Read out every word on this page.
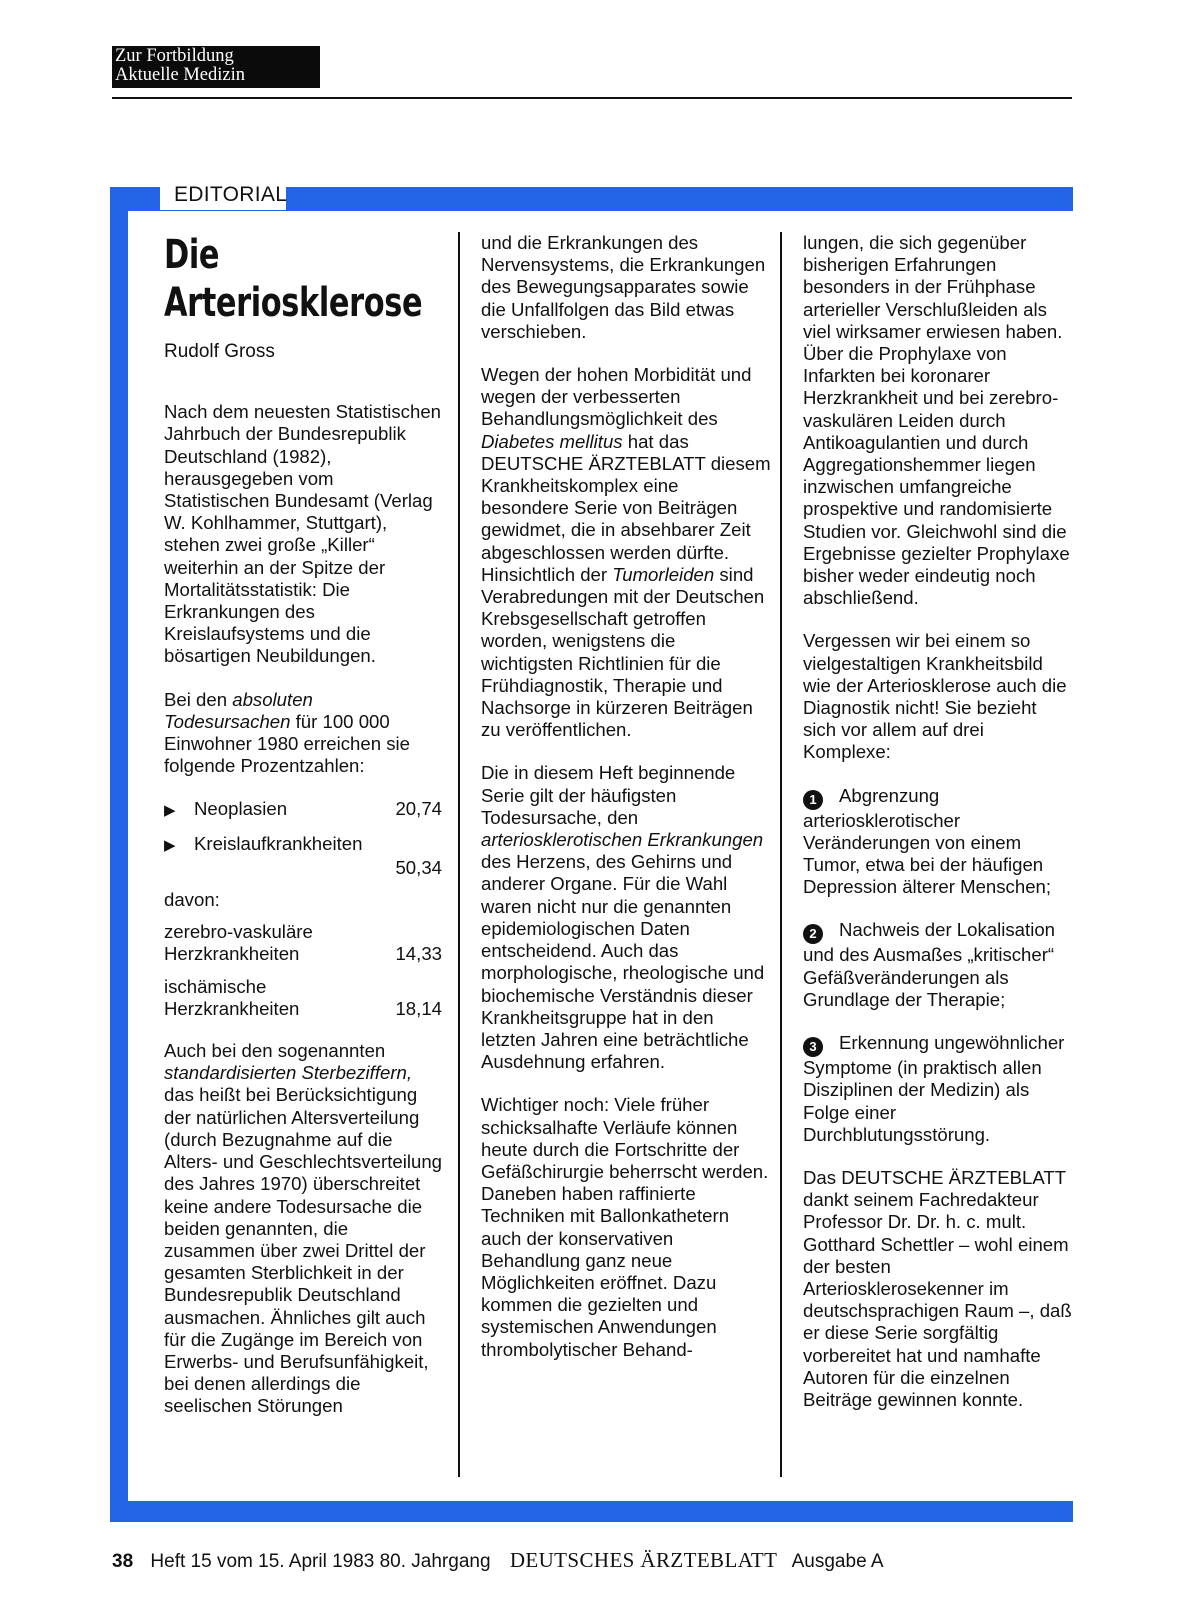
Zur Fortbildung
Aktuelle Medizin
EDITORIAL
Die
Arteriosklerose
Rudolf Gross

Nach dem neuesten Statistischen Jahrbuch der Bundesrepublik Deutschland (1982), herausgegeben vom Statistischen Bundesamt (Verlag W. Kohlhammer, Stuttgart), stehen zwei große „Killer“ weiterhin an der Spitze der Mortalitätsstatistik: Die Erkrankungen des Kreislaufsystems und die bösartigen Neubildungen.

Bei den absoluten Todesursachen für 100 000 Einwohner 1980 erreichen sie folgende Prozentzahlen:

▶ Neoplasien	20,74
▶ Kreislaufkrankheiten
50,34
davon:
zerebro-vaskuläre Herzkrankheiten	14,33
ischämische Herzkrankheiten	18,14

Auch bei den sogenannten standardisierten Sterbeziffern, das heißt bei Berücksichtigung der natürlichen Altersverteilung (durch Bezugnahme auf die Alters- und Geschlechtsverteilung des Jahres 1970) überschreitet keine andere Todesursache die beiden genannten, die zusammen über zwei Drittel der gesamten Sterblichkeit in der Bundesrepublik Deutschland ausmachen. Ähnliches gilt auch für die Zugänge im Bereich von Erwerbs- und Berufsunfähigkeit, bei denen allerdings die seelischen Störungen

und die Erkrankungen des Nervensystems, die Erkrankungen des Bewegungsapparates sowie die Unfallfolgen das Bild etwas verschieben.

Wegen der hohen Morbidität und wegen der verbesserten Behandlungsmöglichkeit des Diabetes mellitus hat das DEUTSCHE ÄRZTEBLATT diesem Krankheitskomplex eine besondere Serie von Beiträgen gewidmet, die in absehbarer Zeit abgeschlossen werden dürfte. Hinsichtlich der Tumorleiden sind Verabredungen mit der Deutschen Krebsgesellschaft getroffen worden, wenigstens die wichtigsten Richtlinien für die Frühdiagnostik, Therapie und Nachsorge in kürzeren Beiträgen zu veröffentlichen.

Die in diesem Heft beginnende Serie gilt der häufigsten Todesursache, den arteriosklerotischen Erkrankungen des Herzens, des Gehirns und anderer Organe. Für die Wahl waren nicht nur die genannten epidemiologischen Daten entscheidend. Auch das morphologische, rheologische und biochemische Verständnis dieser Krankheitsgruppe hat in den letzten Jahren eine beträchtliche Ausdehnung erfahren.

Wichtiger noch: Viele früher schicksalhafte Verläufe können heute durch die Fortschritte der Gefäßchirurgie beherrscht werden. Daneben haben raffinierte Techniken mit Ballonkathetern auch der konservativen Behandlung ganz neue Möglichkeiten eröffnet. Dazu kommen die gezielten und systemischen Anwendungen thrombolytischer Behand-

lungen, die sich gegenüber bisherigen Erfahrungen besonders in der Frühphase arterieller Verschlußleiden als viel wirksamer erwiesen haben. Über die Prophylaxe von Infarkten bei koronarer Herzkrankheit und bei zerebro-vaskulären Leiden durch Antikoagulantien und durch Aggregationshemmer liegen inzwischen umfangreiche prospektive und randomisierte Studien vor. Gleichwohl sind die Ergebnisse gezielter Prophylaxe bisher weder eindeutig noch abschließend.

Vergessen wir bei einem so vielgestaltigen Krankheitsbild wie der Arteriosklerose auch die Diagnostik nicht! Sie bezieht sich vor allem auf drei Komplexe:

1 Abgrenzung arteriosklerotischer Veränderungen von einem Tumor, etwa bei der häufigen Depression älterer Menschen;

2 Nachweis der Lokalisation und des Ausmaßes „kritischer“ Gefäßveränderungen als Grundlage der Therapie;

3 Erkennung ungewöhnlicher Symptome (in praktisch allen Disziplinen der Medizin) als Folge einer Durchblutungsstörung.

Das DEUTSCHE ÄRZTEBLATT dankt seinem Fachredakteur Professor Dr. Dr. h. c. mult. Gotthard Schettler – wohl einem der besten Arteriosklerosekenner im deutschsprachigen Raum –, daß er diese Serie sorgfältig vorbereitet hat und namhafte Autoren für die einzelnen Beiträge gewinnen konnte.

38 Heft 15 vom 15. April 1983 80. Jahrgang DEUTSCHES ÄRZTEBLATT Ausgabe A
